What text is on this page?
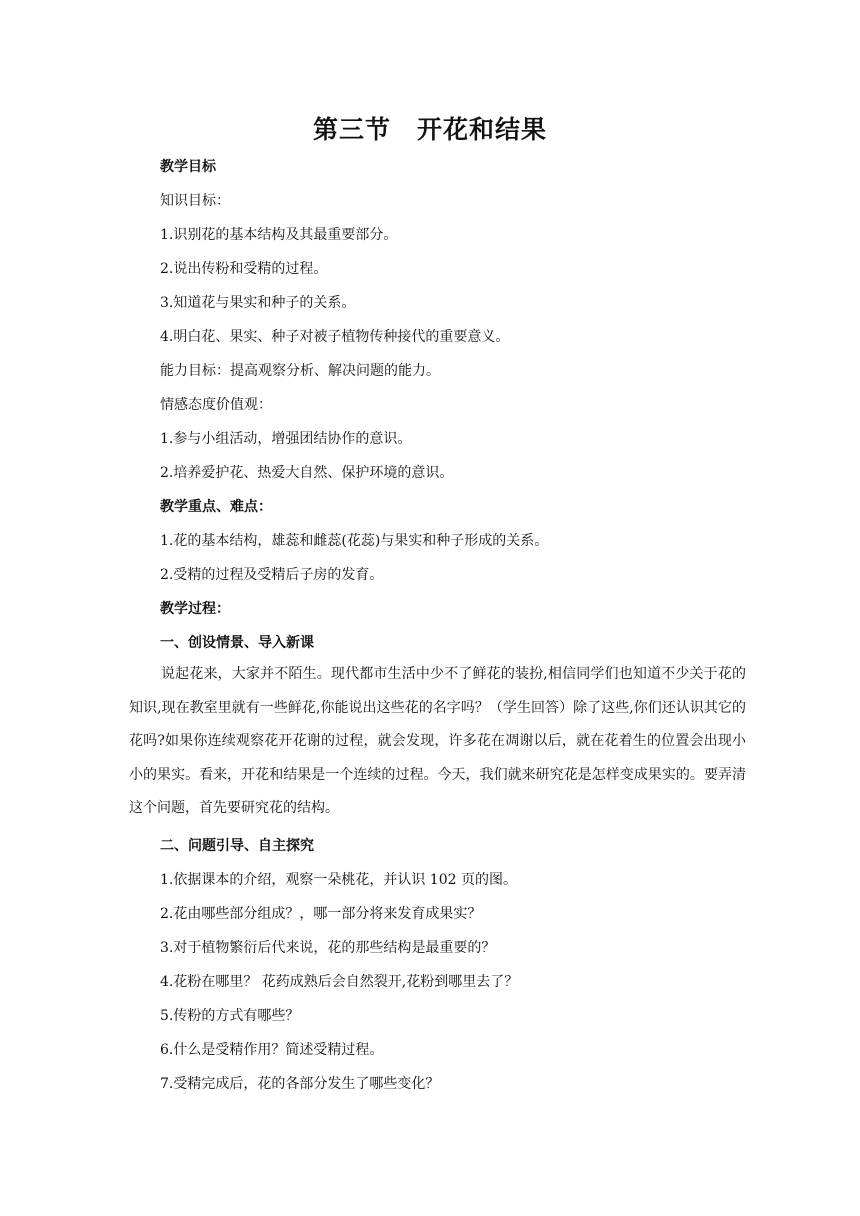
第三节　开花和结果
教学目标
知识目标：
1.识别花的基本结构及其最重要部分。
2.说出传粉和受精的过程。
3.知道花与果实和种子的关系。
4.明白花、果实、种子对被子植物传种接代的重要意义。
能力目标：提高观察分析、解决问题的能力。
情感态度价值观：
1.参与小组活动，增强团结协作的意识。
2.培养爱护花、热爱大自然、保护环境的意识。
教学重点、难点：
1.花的基本结构，雄蕊和雌蕊(花蕊)与果实和种子形成的关系。
2.受精的过程及受精后子房的发育。
教学过程：
一、创设情景、导入新课
说起花来，大家并不陌生。现代都市生活中少不了鲜花的装扮,相信同学们也知道不少关于花的知识,现在教室里就有一些鲜花,你能说出这些花的名字吗？（学生回答）除了这些,你们还认识其它的花吗?如果你连续观察花开花谢的过程，就会发现，许多花在凋谢以后，就在花着生的位置会出现小小的果实。看来，开花和结果是一个连续的过程。今天，我们就来研究花是怎样变成果实的。要弄清这个问题，首先要研究花的结构。
二、问题引导、自主探究
1.依据课本的介绍，观察一朵桃花，并认识 102 页的图。
2.花由哪些部分组成？，哪一部分将来发育成果实？
3.对于植物繁衍后代来说，花的那些结构是最重要的？
4.花粉在哪里？ 花药成熟后会自然裂开,花粉到哪里去了？
5.传粉的方式有哪些？
6.什么是受精作用？简述受精过程。
7.受精完成后，花的各部分发生了哪些变化？
